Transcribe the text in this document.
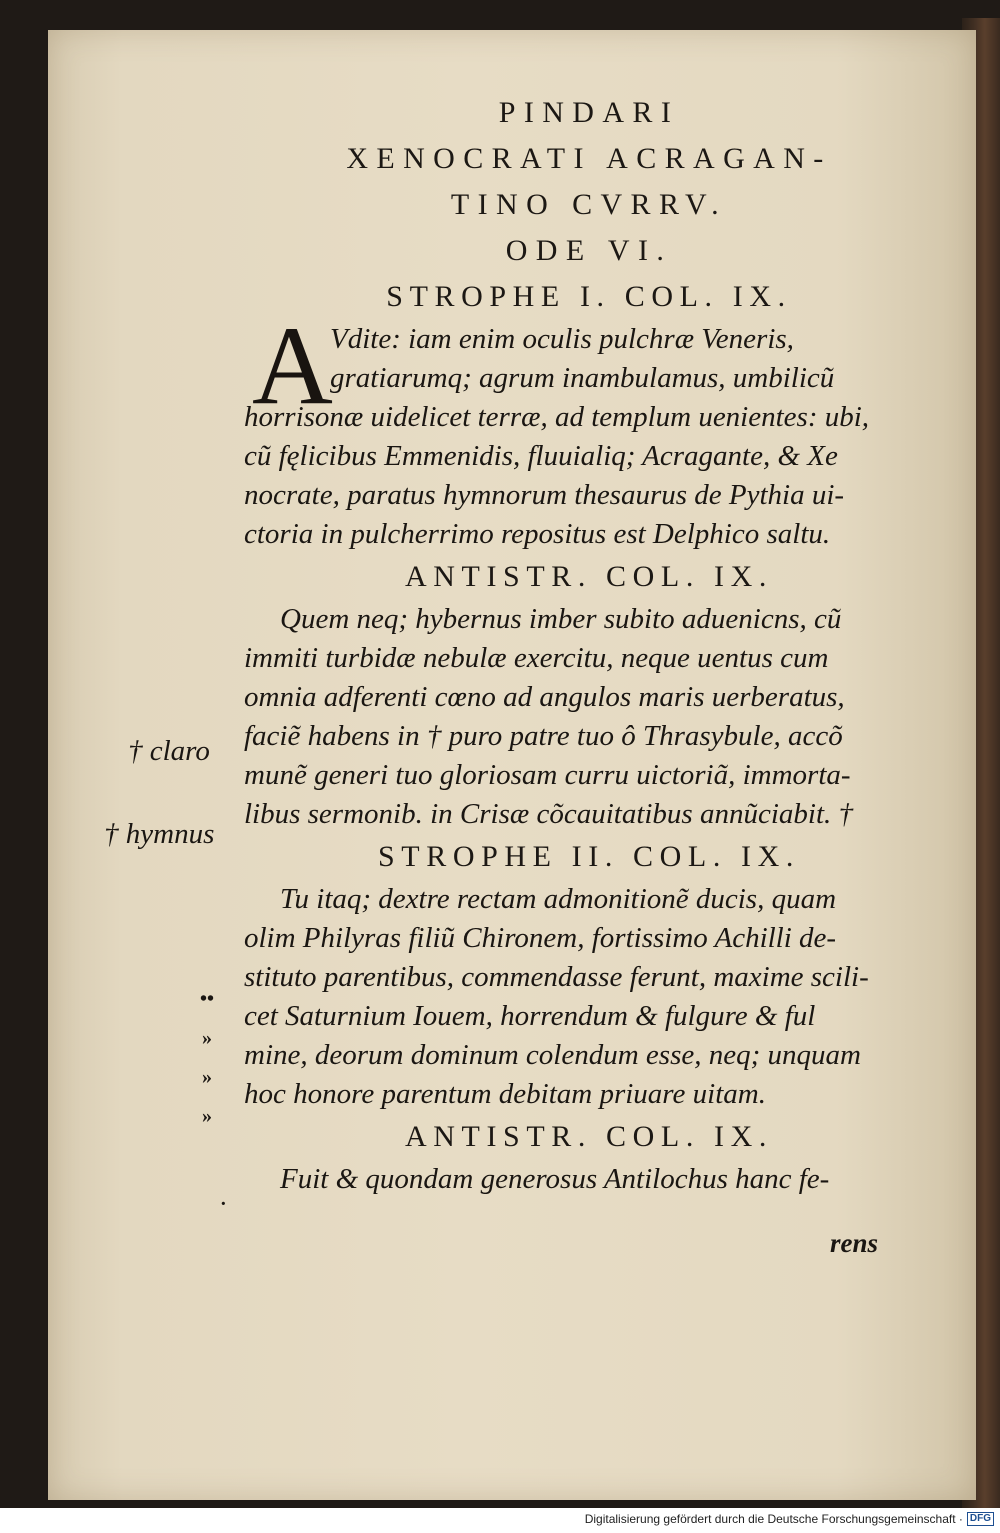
† claro
† hymnus
••
»
»
»
·
PINDARI
XENOCRATI ACRAGAN-
TINO CVRRV.
ODE VI.
STROPHE I. COL. IX.
A
Vdite: iam enim oculis pulchræ Veneris,
gratiarumq; agrum inambulamus, umbilicũ
horrisonæ uidelicet terræ, ad templum uenientes: ubi,
cũ fęlicibus Emmenidis, fluuialiq; Acragante, & Xe
nocrate, paratus hymnorum thesaurus de Pythia ui-
ctoria in pulcherrimo repositus est Delphico saltu.
ANTISTR. COL. IX.
Quem neq; hybernus imber subito aduenicns, cũ
immiti turbidæ nebulæ exercitu, neque uentus cum
omnia adferenti cœno ad angulos maris uerberatus,
faciẽ habens in † puro patre tuo ô Thrasybule, accõ
munẽ generi tuo gloriosam curru uictoriã, immorta-
libus sermonib. in Crisæ cõcauitatibus annũciabit. †
STROPHE II. COL. IX.
Tu itaq; dextre rectam admonitionẽ ducis, quam
olim Philyras filiũ Chironem, fortissimo Achilli de-
stituto parentibus, commendasse ferunt, maxime scili-
cet Saturnium Iouem, horrendum & fulgure & ful
mine, deorum dominum colendum esse, neq; unquam
hoc honore parentum debitam priuare uitam.
ANTISTR. COL. IX.
Fuit & quondam generosus Antilochus hanc fe-
rens
Digitalisierung gefördert durch die Deutsche Forschungsgemeinschaft · DFG
